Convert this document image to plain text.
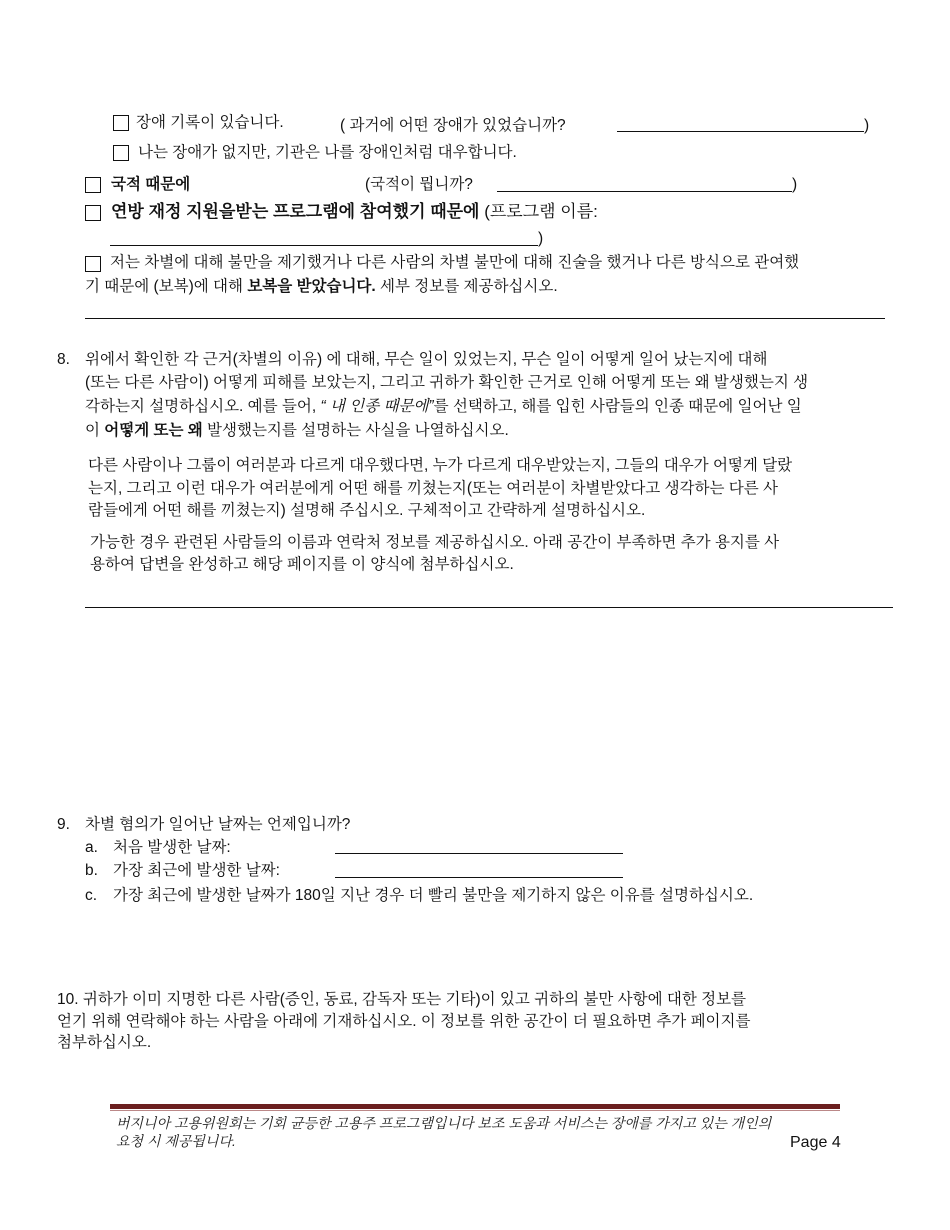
장애 기록이 있습니다.	( 과거에 어떤 장애가 있었습니까?	)
나는 장애가 없지만, 기관은 나를 장애인처럼 대우합니다.
국적 때문에	(국적이 뭡니까?	)
연방 재정 지원을받는 프로그램에 참여했기 때문에 (프로그램 이름:
)
저는 차별에 대해 불만을 제기했거나 다른 사람의 차별 불만에 대해 진술을 했거나 다른 방식으로 관여했
기 때문에 (보복)에 대해 보복을 받았습니다. 세부 정보를 제공하십시오.
8. 위에서 확인한 각 근거(차별의 이유) 에 대해, 무슨 일이 있었는지, 무슨 일이 어떻게 일어 났는지에 대해
(또는 다른 사람이) 어떻게 피해를 보았는지, 그리고 귀하가 확인한 근거로 인해 어떻게 또는 왜 발생했는지 생
각하는지 설명하십시오. 예를 들어, “ 내 인종 때문에”를 선택하고, 해를 입힌 사람들의 인종 때문에 일어난 일
이 어떻게 또는 왜 발생했는지를 설명하는 사실을 나열하십시오.
다른 사람이나 그룹이 여러분과 다르게 대우했다면, 누가 다르게 대우받았는지, 그들의 대우가 어떻게 달랐
는지, 그리고 이런 대우가 여러분에게 어떤 해를 끼쳤는지(또는 여러분이 차별받았다고 생각하는 다른 사
람들에게 어떤 해를 끼쳤는지) 설명해 주십시오. 구체적이고 간략하게 설명하십시오.
가능한 경우 관련된 사람들의 이름과 연락처 정보를 제공하십시오. 아래 공간이 부족하면 추가 용지를 사
용하여 답변을 완성하고 해당 페이지를 이 양식에 첨부하십시오.
9. 차별 혐의가 일어난 날짜는 언제입니까?
a. 처음 발생한 날짜:
b. 가장 최근에 발생한 날짜:
c. 가장 최근에 발생한 날짜가 180일 지난 경우 더 빨리 불만을 제기하지 않은 이유를 설명하십시오.
10. 귀하가 이미 지명한 다른 사람(증인, 동료, 감독자 또는 기타)이 있고 귀하의 불만 사항에 대한 정보를
얻기 위해 연락해야 하는 사람을 아래에 기재하십시오. 이 정보를 위한 공간이 더 필요하면 추가 페이지를
첨부하십시오.
버지니아 고용위원회는 기회 균등한 고용주 프로그램입니다 보조 도움과 서비스는 장애를 가지고 있는 개인의
요청 시 제공됩니다.	Page 4
